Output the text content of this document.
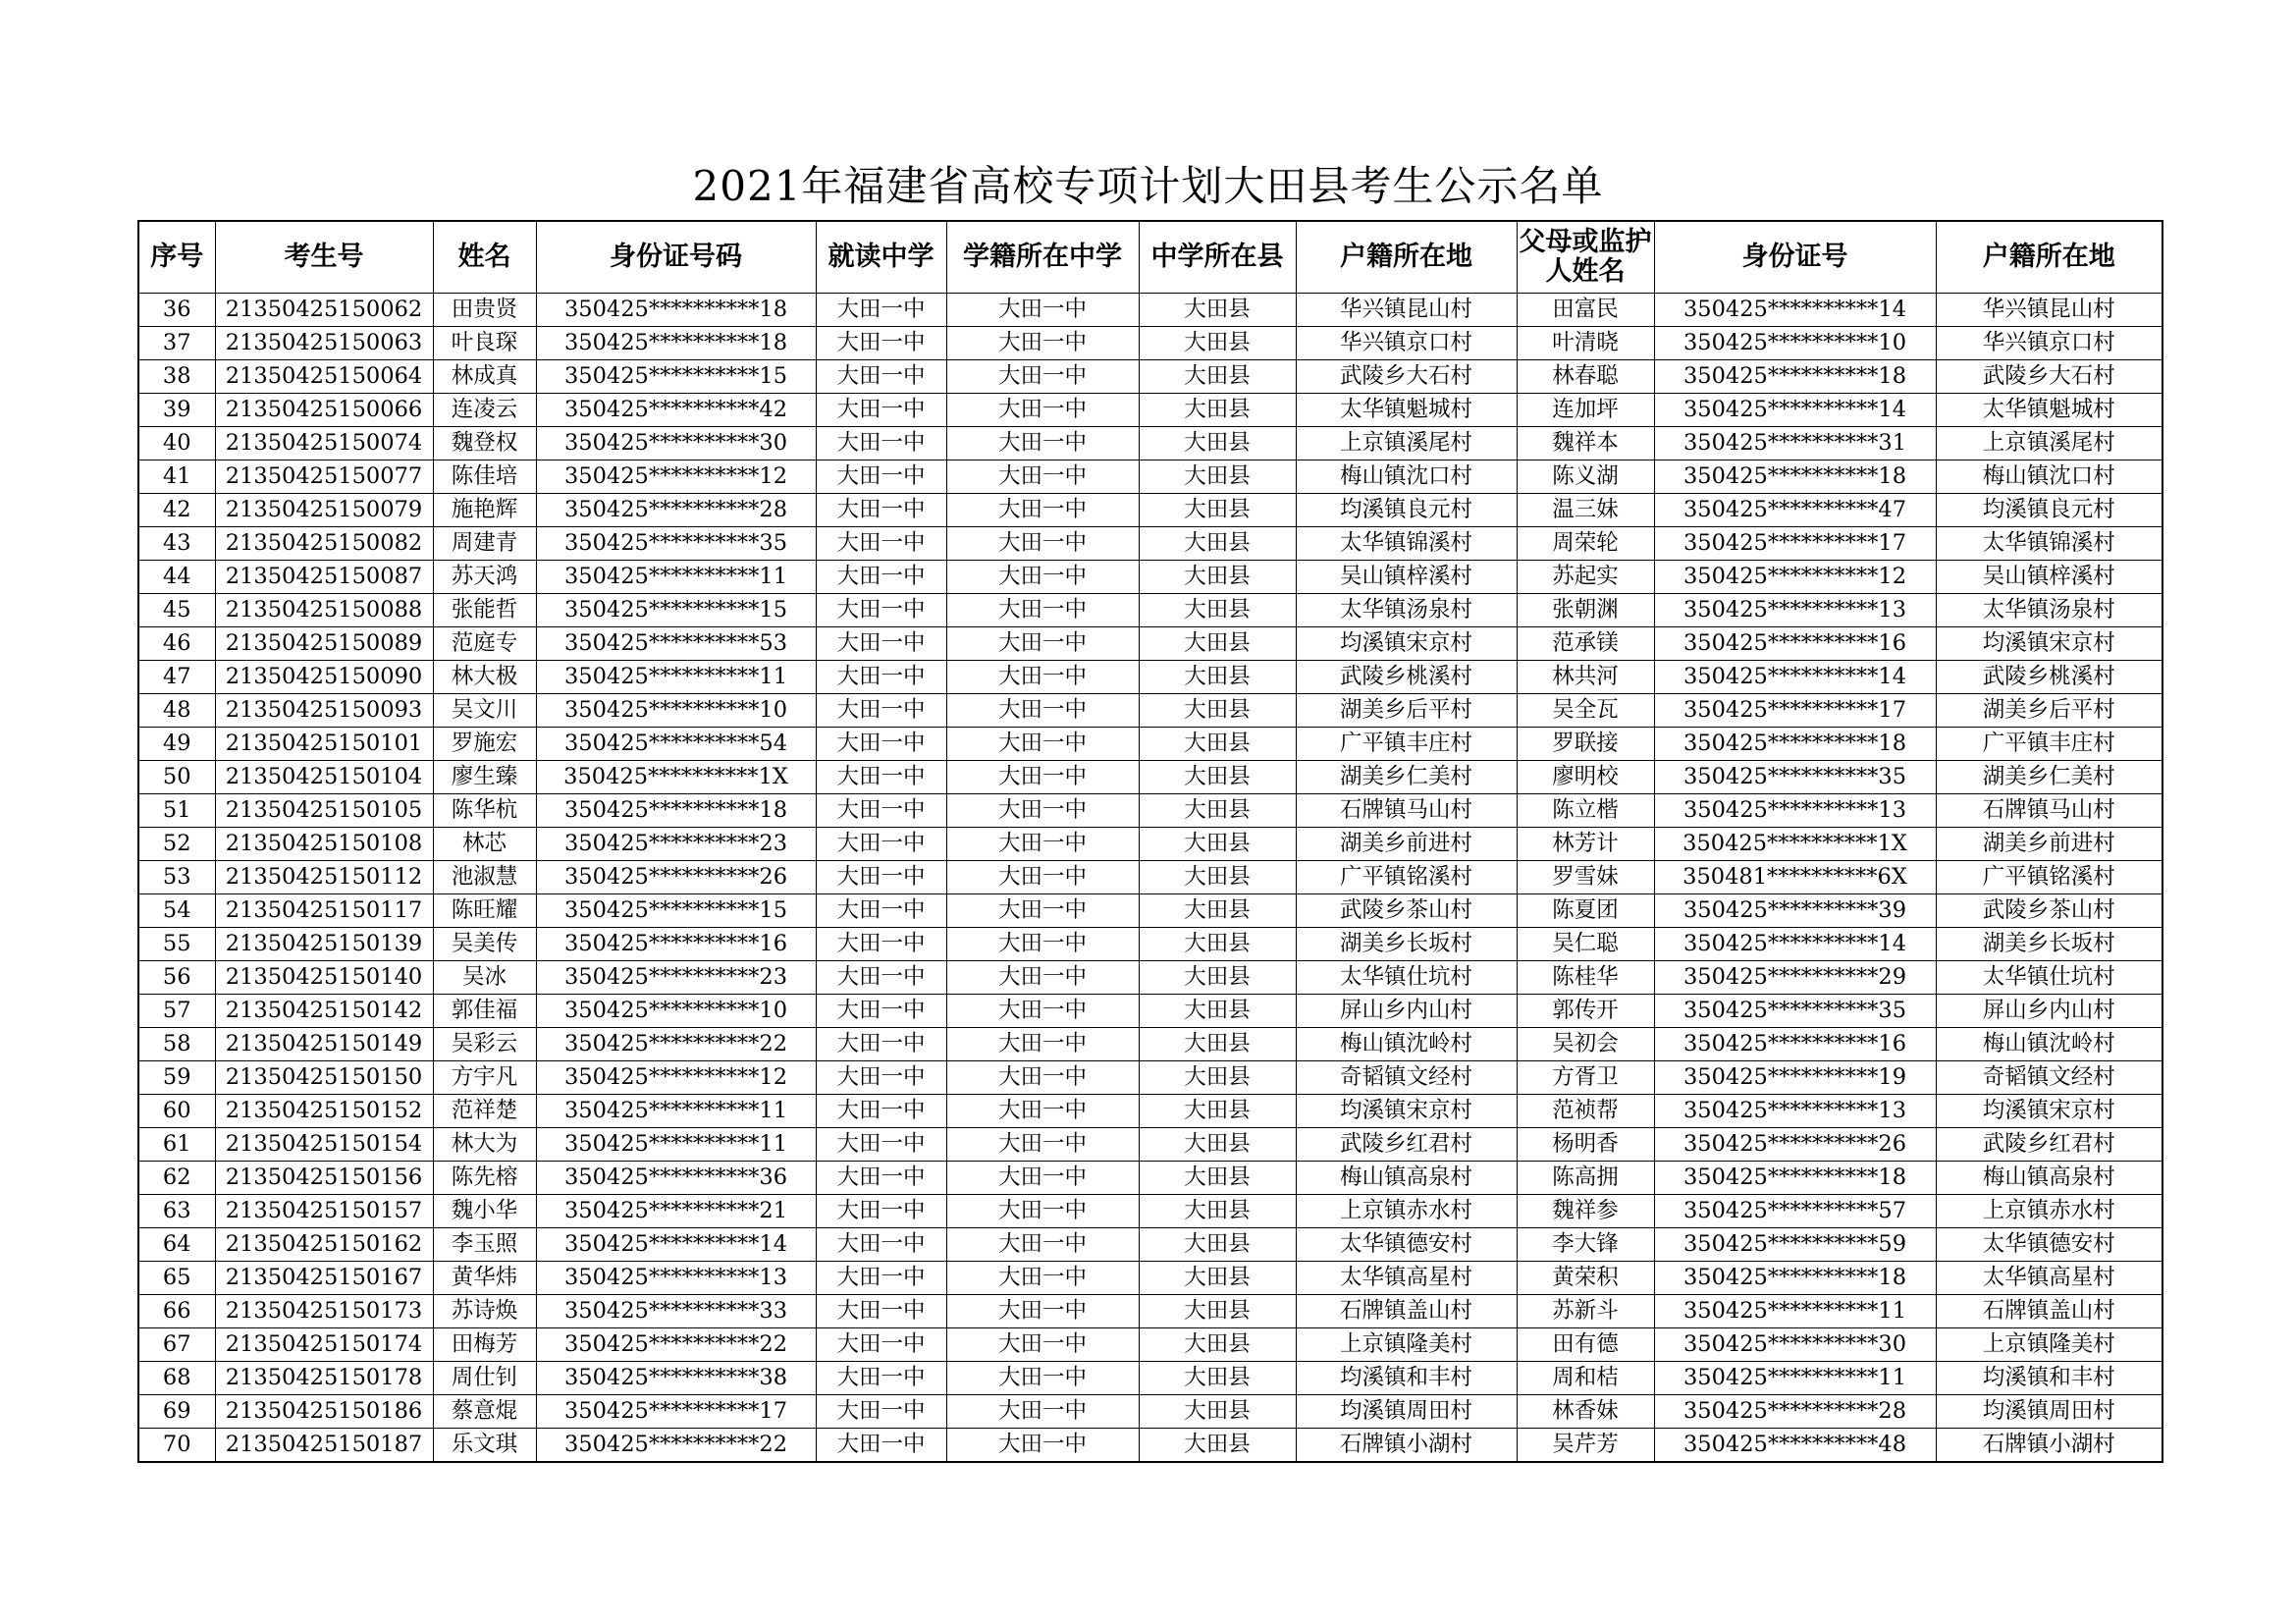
2021年福建省高校专项计划大田县考生公示名单
序号	考生号	姓名	身份证号码	就读中学	学籍所在中学	中学所在县	户籍所在地	父母或监护人姓名	身份证号	户籍所在地
36	21350425150062	田贵贤	350425**********18	大田一中	大田一中	大田县	华兴镇昆山村	田富民	350425**********14	华兴镇昆山村
37	21350425150063	叶良琛	350425**********18	大田一中	大田一中	大田县	华兴镇京口村	叶清晓	350425**********10	华兴镇京口村
38	21350425150064	林成真	350425**********15	大田一中	大田一中	大田县	武陵乡大石村	林春聪	350425**********18	武陵乡大石村
39	21350425150066	连凌云	350425**********42	大田一中	大田一中	大田县	太华镇魁城村	连加坪	350425**********14	太华镇魁城村
40	21350425150074	魏登权	350425**********30	大田一中	大田一中	大田县	上京镇溪尾村	魏祥本	350425**********31	上京镇溪尾村
41	21350425150077	陈佳培	350425**********12	大田一中	大田一中	大田县	梅山镇沈口村	陈义湖	350425**********18	梅山镇沈口村
42	21350425150079	施艳辉	350425**********28	大田一中	大田一中	大田县	均溪镇良元村	温三妹	350425**********47	均溪镇良元村
43	21350425150082	周建青	350425**********35	大田一中	大田一中	大田县	太华镇锦溪村	周荣轮	350425**********17	太华镇锦溪村
44	21350425150087	苏天鸿	350425**********11	大田一中	大田一中	大田县	吴山镇梓溪村	苏起实	350425**********12	吴山镇梓溪村
45	21350425150088	张能哲	350425**********15	大田一中	大田一中	大田县	太华镇汤泉村	张朝渊	350425**********13	太华镇汤泉村
46	21350425150089	范庭专	350425**********53	大田一中	大田一中	大田县	均溪镇宋京村	范承镁	350425**********16	均溪镇宋京村
47	21350425150090	林大极	350425**********11	大田一中	大田一中	大田县	武陵乡桃溪村	林共河	350425**********14	武陵乡桃溪村
48	21350425150093	吴文川	350425**********10	大田一中	大田一中	大田县	湖美乡后平村	吴全瓦	350425**********17	湖美乡后平村
49	21350425150101	罗施宏	350425**********54	大田一中	大田一中	大田县	广平镇丰庄村	罗联接	350425**********18	广平镇丰庄村
50	21350425150104	廖生臻	350425**********1X	大田一中	大田一中	大田县	湖美乡仁美村	廖明校	350425**********35	湖美乡仁美村
51	21350425150105	陈华杭	350425**********18	大田一中	大田一中	大田县	石牌镇马山村	陈立楷	350425**********13	石牌镇马山村
52	21350425150108	林芯	350425**********23	大田一中	大田一中	大田县	湖美乡前进村	林芳计	350425**********1X	湖美乡前进村
53	21350425150112	池淑慧	350425**********26	大田一中	大田一中	大田县	广平镇铭溪村	罗雪妹	350481**********6X	广平镇铭溪村
54	21350425150117	陈旺耀	350425**********15	大田一中	大田一中	大田县	武陵乡茶山村	陈夏团	350425**********39	武陵乡茶山村
55	21350425150139	吴美传	350425**********16	大田一中	大田一中	大田县	湖美乡长坂村	吴仁聪	350425**********14	湖美乡长坂村
56	21350425150140	吴冰	350425**********23	大田一中	大田一中	大田县	太华镇仕坑村	陈桂华	350425**********29	太华镇仕坑村
57	21350425150142	郭佳福	350425**********10	大田一中	大田一中	大田县	屏山乡内山村	郭传开	350425**********35	屏山乡内山村
58	21350425150149	吴彩云	350425**********22	大田一中	大田一中	大田县	梅山镇沈岭村	吴初会	350425**********16	梅山镇沈岭村
59	21350425150150	方宇凡	350425**********12	大田一中	大田一中	大田县	奇韬镇文经村	方胥卫	350425**********19	奇韬镇文经村
60	21350425150152	范祥楚	350425**********11	大田一中	大田一中	大田县	均溪镇宋京村	范祯帮	350425**********13	均溪镇宋京村
61	21350425150154	林大为	350425**********11	大田一中	大田一中	大田县	武陵乡红君村	杨明香	350425**********26	武陵乡红君村
62	21350425150156	陈先榕	350425**********36	大田一中	大田一中	大田县	梅山镇高泉村	陈高拥	350425**********18	梅山镇高泉村
63	21350425150157	魏小华	350425**********21	大田一中	大田一中	大田县	上京镇赤水村	魏祥参	350425**********57	上京镇赤水村
64	21350425150162	李玉照	350425**********14	大田一中	大田一中	大田县	太华镇德安村	李大锋	350425**********59	太华镇德安村
65	21350425150167	黄华炜	350425**********13	大田一中	大田一中	大田县	太华镇高星村	黄荣积	350425**********18	太华镇高星村
66	21350425150173	苏诗焕	350425**********33	大田一中	大田一中	大田县	石牌镇盖山村	苏新斗	350425**********11	石牌镇盖山村
67	21350425150174	田梅芳	350425**********22	大田一中	大田一中	大田县	上京镇隆美村	田有德	350425**********30	上京镇隆美村
68	21350425150178	周仕钊	350425**********38	大田一中	大田一中	大田县	均溪镇和丰村	周和桔	350425**********11	均溪镇和丰村
69	21350425150186	蔡意焜	350425**********17	大田一中	大田一中	大田县	均溪镇周田村	林香妹	350425**********28	均溪镇周田村
70	21350425150187	乐文琪	350425**********22	大田一中	大田一中	大田县	石牌镇小湖村	吴芹芳	350425**********48	石牌镇小湖村
